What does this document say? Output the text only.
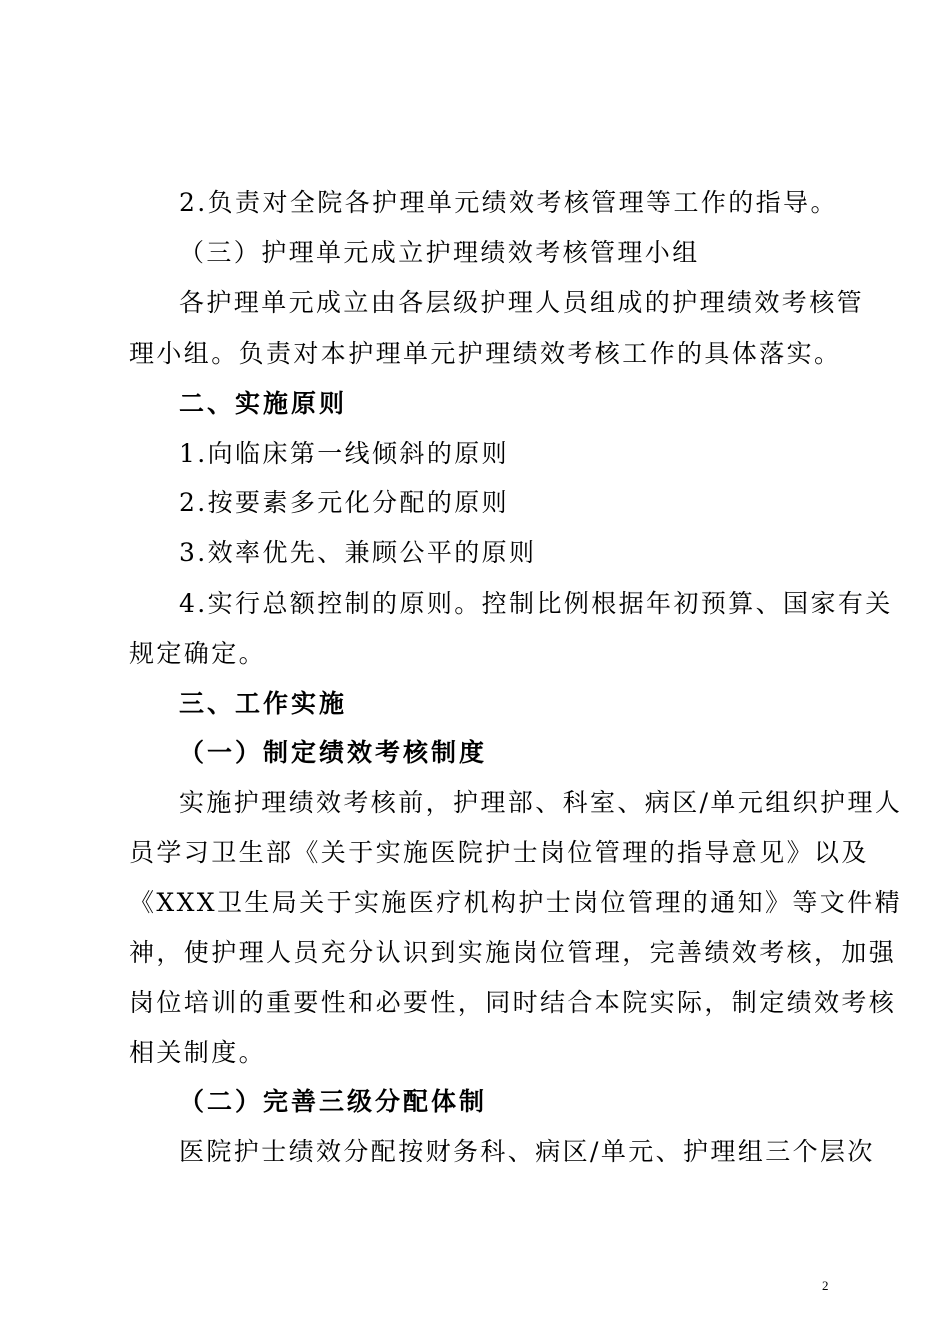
2.负责对全院各护理单元绩效考核管理等工作的指导。
（三）护理单元成立护理绩效考核管理小组
各护理单元成立由各层级护理人员组成的护理绩效考核管
理小组。负责对本护理单元护理绩效考核工作的具体落实。
二、实施原则
1.向临床第一线倾斜的原则
2.按要素多元化分配的原则
3.效率优先、兼顾公平的原则
4.实行总额控制的原则。控制比例根据年初预算、国家有关
规定确定。
三、工作实施
（一）制定绩效考核制度
实施护理绩效考核前，护理部、科室、病区/单元组织护理人
员学习卫生部《关于实施医院护士岗位管理的指导意见》以及
《XXX卫生局关于实施医疗机构护士岗位管理的通知》等文件精
神，使护理人员充分认识到实施岗位管理，完善绩效考核，加强
岗位培训的重要性和必要性，同时结合本院实际，制定绩效考核
相关制度。
（二）完善三级分配体制
医院护士绩效分配按财务科、病区/单元、护理组三个层次
2
